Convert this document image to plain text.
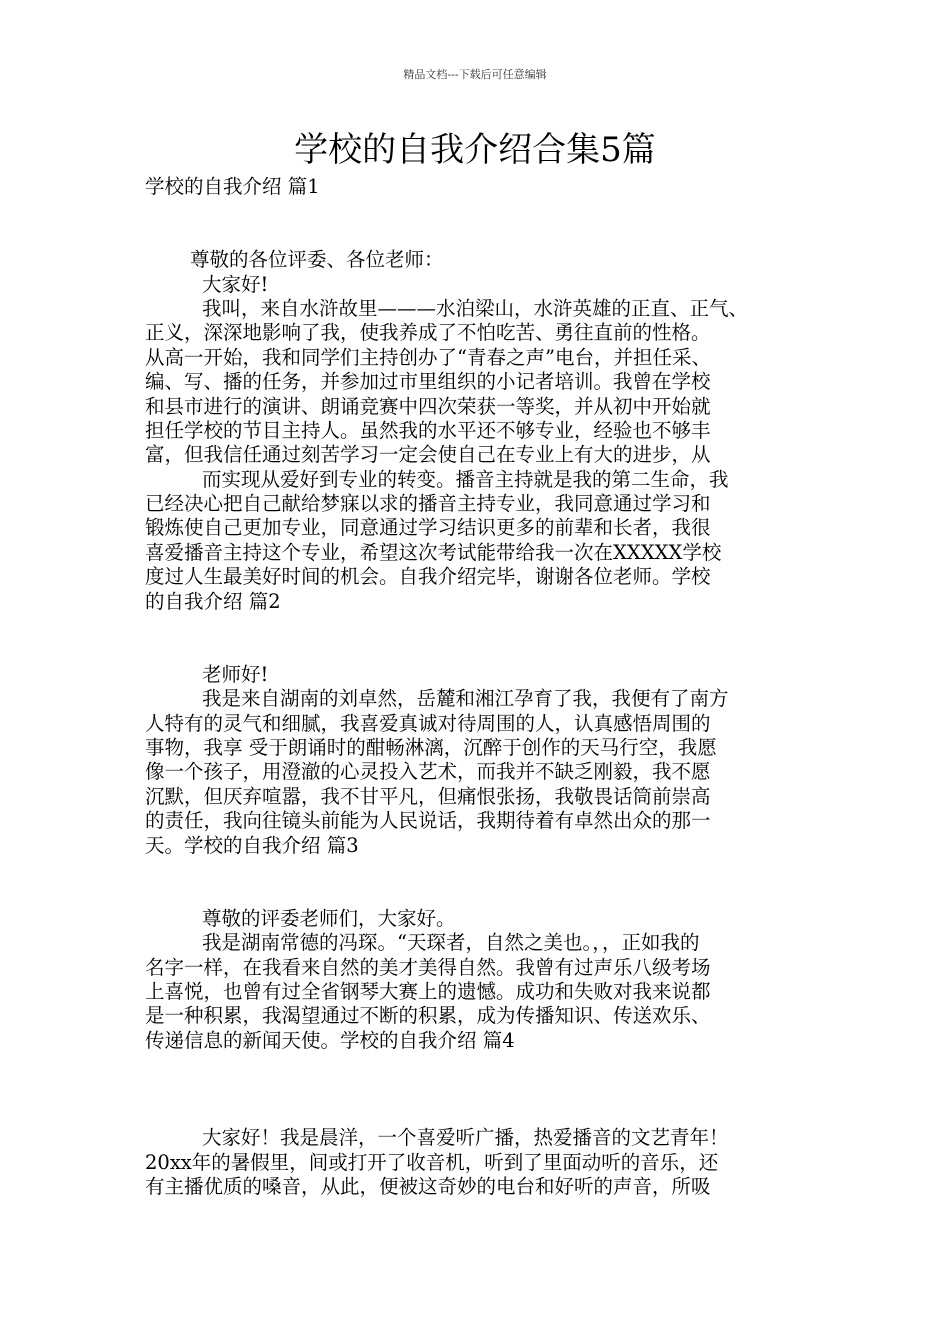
精品文档---下载后可任意编辑
学校的自我介绍合集5篇
学校的自我介绍 篇1
尊敬的各位评委、各位老师：
大家好!
我叫，来自水浒故里———水泊梁山，水浒英雄的正直、正气、
正义，深深地影响了我，使我养成了不怕吃苦、勇往直前的性格。
从高一开始，我和同学们主持创办了“青春之声”电台，并担任采、
编、写、播的任务，并参加过市里组织的小记者培训。我曾在学校
和县市进行的演讲、朗诵竞赛中四次荣获一等奖，并从初中开始就
担任学校的节目主持人。虽然我的水平还不够专业，经验也不够丰
富，但我信任通过刻苦学习一定会使自己在专业上有大的进步，从
而实现从爱好到专业的转变。播音主持就是我的第二生命，我
已经决心把自己献给梦寐以求的播音主持专业，我同意通过学习和
锻炼使自己更加专业，同意通过学习结识更多的前辈和长者，我很
喜爱播音主持这个专业，希望这次考试能带给我一次在XXXXX学校
度过人生最美好时间的机会。自我介绍完毕，谢谢各位老师。学校
的自我介绍 篇2
老师好!
我是来自湖南的刘卓然，岳麓和湘江孕育了我，我便有了南方
人特有的灵气和细腻，我喜爱真诚对待周围的人，认真感悟周围的
事物，我享 受于朗诵时的酣畅淋漓，沉醉于创作的天马行空，我愿
像一个孩子，用澄澈的心灵投入艺术，而我并不缺乏刚毅，我不愿
沉默，但厌弃喧嚣，我不甘平凡，但痛恨张扬，我敬畏话筒前崇高
的责任，我向往镜头前能为人民说话，我期待着有卓然出众的那一
天。学校的自我介绍 篇3
尊敬的评委老师们，大家好。
我是湖南常德的冯琛。“天琛者，自然之美也。，，正如我的
名字一样，在我看来自然的美才美得自然。我曾有过声乐八级考场
上喜悦，也曾有过全省钢琴大赛上的遗憾。成功和失败对我来说都
是一种积累，我渴望通过不断的积累，成为传播知识、传送欢乐、
传递信息的新闻天使。学校的自我介绍 篇4
大家好！我是晨洋，一个喜爱听广播，热爱播音的文艺青年！
20xx年的暑假里，间或打开了收音机，听到了里面动听的音乐，还
有主播优质的嗓音，从此，便被这奇妙的电台和好听的声音，所吸
